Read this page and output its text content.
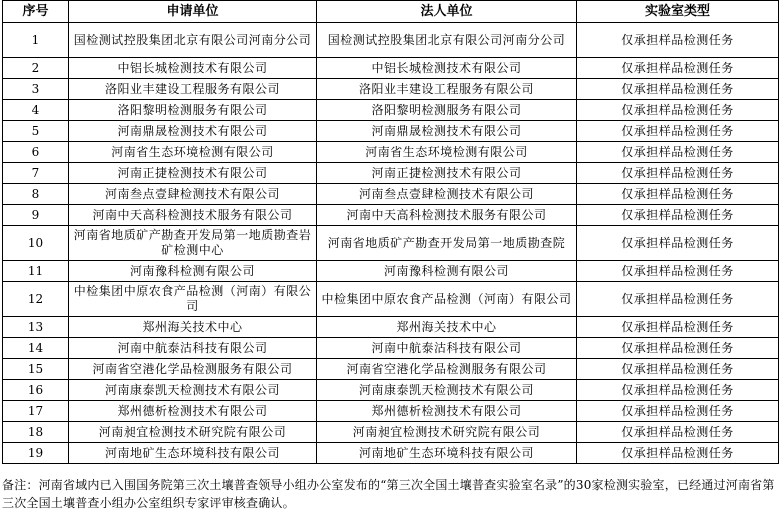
序号	申请单位	法人单位	实验室类型
1	国检测试控股集团北京有限公司河南分公司	国检测试控股集团北京有限公司河南分公司	仅承担样品检测任务
2	中铝长城检测技术有限公司	中铝长城检测技术有限公司	仅承担样品检测任务
3	洛阳业丰建设工程服务有限公司	洛阳业丰建设工程服务有限公司	仅承担样品检测任务
4	洛阳黎明检测服务有限公司	洛阳黎明检测服务有限公司	仅承担样品检测任务
5	河南鼎晟检测技术有限公司	河南鼎晟检测技术有限公司	仅承担样品检测任务
6	河南省生态环境检测有限公司	河南省生态环境检测有限公司	仅承担样品检测任务
7	河南正捷检测技术有限公司	河南正捷检测技术有限公司	仅承担样品检测任务
8	河南叁点壹肆检测技术有限公司	河南叁点壹肆检测技术有限公司	仅承担样品检测任务
9	河南中天高科检测技术服务有限公司	河南中天高科检测技术服务有限公司	仅承担样品检测任务
10	河南省地质矿产勘查开发局第一地质勘查岩矿检测中心	河南省地质矿产勘查开发局第一地质勘查院	仅承担样品检测任务
11	河南豫科检测有限公司	河南豫科检测有限公司	仅承担样品检测任务
12	中检集团中原农食产品检测（河南）有限公司	中检集团中原农食产品检测（河南）有限公司	仅承担样品检测任务
13	郑州海关技术中心	郑州海关技术中心	仅承担样品检测任务
14	河南中航泰沽科技有限公司	河南中航泰沽科技有限公司	仅承担样品检测任务
15	河南省空港化学品检测服务有限公司	河南省空港化学品检测服务有限公司	仅承担样品检测任务
16	河南康泰凯天检测技术有限公司	河南康泰凯天检测技术有限公司	仅承担样品检测任务
17	郑州德析检测技术有限公司	郑州德析检测技术有限公司	仅承担样品检测任务
18	河南昶宜检测技术研究院有限公司	河南昶宜检测技术研究院有限公司	仅承担样品检测任务
19	河南地矿生态环境科技有限公司	河南地矿生态环境科技有限公司	仅承担样品检测任务
备注：河南省域内已入围国务院第三次土壤普查领导小组办公室发布的“第三次全国土壤普查实验室名录”的30家检测实验室，已经通过河南省第三次全国土壤普查小组办公室组织专家评审核查确认。
